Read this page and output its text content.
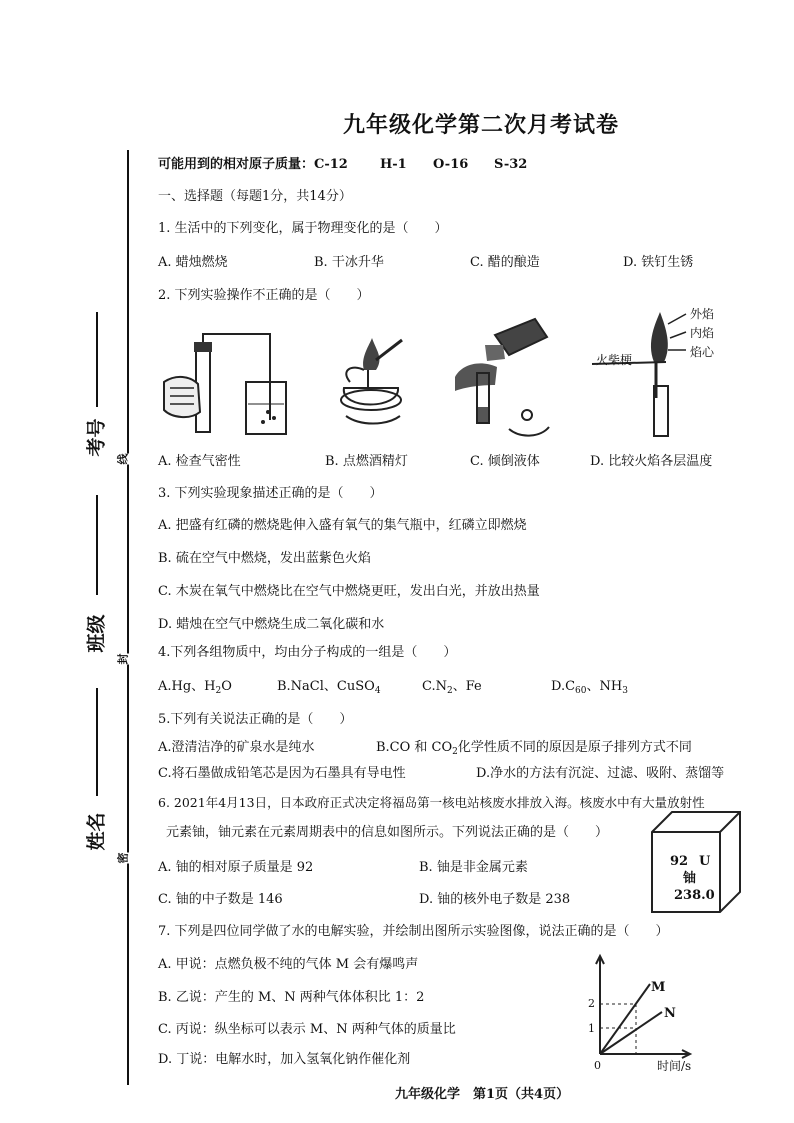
考号
班级
姓名
线
封
密
九年级化学第二次月考试卷
可能用到的相对原子质量：C-12 H-1 O-16 S-32
一、选择题（每题1分，共14分）
1. 生活中的下列变化，属于物理变化的是（　　）
A. 蜡烛燃烧	B. 干冰升华	C. 醋的酿造	D. 铁钉生锈
2. 下列实验操作不正确的是（　　）
外焰
内焰
焰心
火柴梗
A. 检查气密性	B. 点燃酒精灯	C. 倾倒液体	D. 比较火焰各层温度
3. 下列实验现象描述正确的是（　　）
A. 把盛有红磷的燃烧匙伸入盛有氧气的集气瓶中，红磷立即燃烧
B. 硫在空气中燃烧，发出蓝紫色火焰
C. 木炭在氧气中燃烧比在空气中燃烧更旺，发出白光，并放出热量
D. 蜡烛在空气中燃烧生成二氧化碳和水
4.下列各组物质中，均由分子构成的一组是（　　）
A.Hg、$H_2O$	B.NaCl、CuSO$_4$	$C.N_2$、Fe	$D.C_{60}$、$NH_3$
5.下列有关说法正确的是（　　）
A.澄清洁净的矿泉水是纯水	B.CO 和 $CO_2$化学性质不同的原因是原子排列方式不同
C.将石墨做成铅笔芯是因为石墨具有导电性	D.净水的方法有沉淀、过滤、吸附、蒸馏等
6. 2021年4月13日，日本政府正式决定将福岛第一核电站核废水排放入海。核废水中有大量放射性
元素铀，铀元素在元素周期表中的信息如图所示。下列说法正确的是（　　）
A. 铀的相对原子质量是 92	B. 铀是非金属元素
C. 铀的中子数是 146	D. 铀的核外电子数是 238
92 U
铀
238.0
7. 下列是四位同学做了水的电解实验，并绘制出图所示实验图像，说法正确的是（　　）
A. 甲说：点燃负极不纯的气体 M 会有爆鸣声
B. 乙说：产生的 M、N 两种气体体积比 1：2
C. 丙说：纵坐标可以表示 M、N 两种气体的质量比
D. 丁说：电解水时，加入氢氧化钠作催化剂
M
N
2
1
0	时间/s
九年级化学　第1页（共4页）
